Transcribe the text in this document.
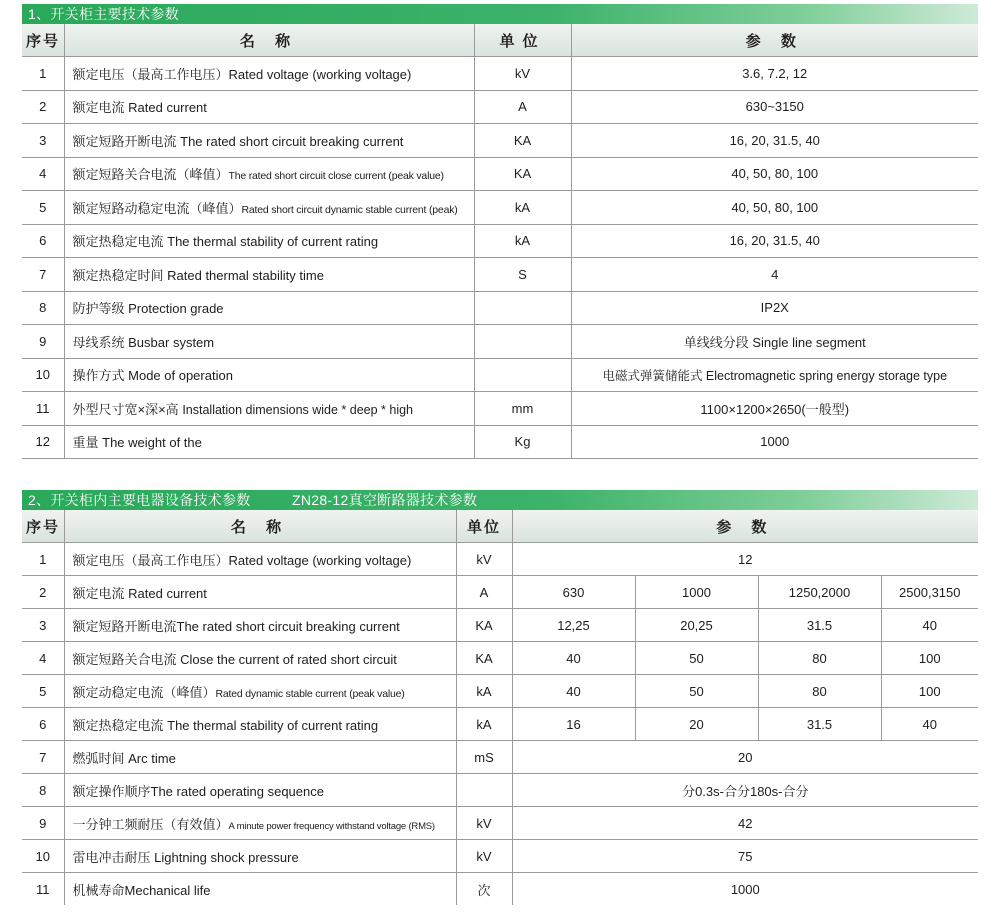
1、开关柜主要技术参数
序号	名 称	单位	参 数
1	额定电压（最高工作电压）Rated voltage (working voltage)	kV	3.6, 7.2, 12
2	额定电流 Rated current	A	630~3150
3	额定短路开断电流 The rated short circuit breaking current	KA	16, 20, 31.5, 40
4	额定短路关合电流（峰值）The rated short circuit close current (peak value)	KA	40, 50, 80, 100
5	额定短路动稳定电流（峰值）Rated short circuit dynamic stable current (peak)	kA	40, 50, 80, 100
6	额定热稳定电流 The thermal stability of current rating	kA	16, 20, 31.5, 40
7	额定热稳定时间 Rated thermal stability time	S	4
8	防护等级 Protection grade		IP2X
9	母线系统 Busbar system		单线线分段 Single line segment
10	操作方式 Mode of operation		电磁式弹簧储能式 Electromagnetic spring energy storage type
11	外型尺寸宽×深×高 Installation dimensions wide * deep * high	mm	1100×1200×2650(一般型)
12	重量 The weight of the	Kg	1000
2、开关柜内主要电器设备技术参数	ZN28-12真空断路器技术参数
序号	名 称	单位	参 数			
1	额定电压（最高工作电压）Rated voltage (working voltage)	kV	12			
2	额定电流 Rated current	A	630	1000	1250,2000	2500,3150
3	额定短路开断电流The rated short circuit breaking current	KA	12,25	20,25	31.5	40
4	额定短路关合电流 Close the current of rated short circuit	KA	40	50	80	100
5	额定动稳定电流（峰值）Rated dynamic stable current (peak value)	kA	40	50	80	100
6	额定热稳定电流 The thermal stability of current rating	kA	16	20	31.5	40
7	燃弧时间 Arc time	mS	20			
8	额定操作顺序The rated operating sequence		分0.3s-合分180s-合分			
9	一分钟工频耐压（有效值）A minute power frequency withstand voltage (RMS)	kV	42			
10	雷电冲击耐压 Lightning shock pressure	kV	75			
11	机械寿命Mechanical life	次	1000			
